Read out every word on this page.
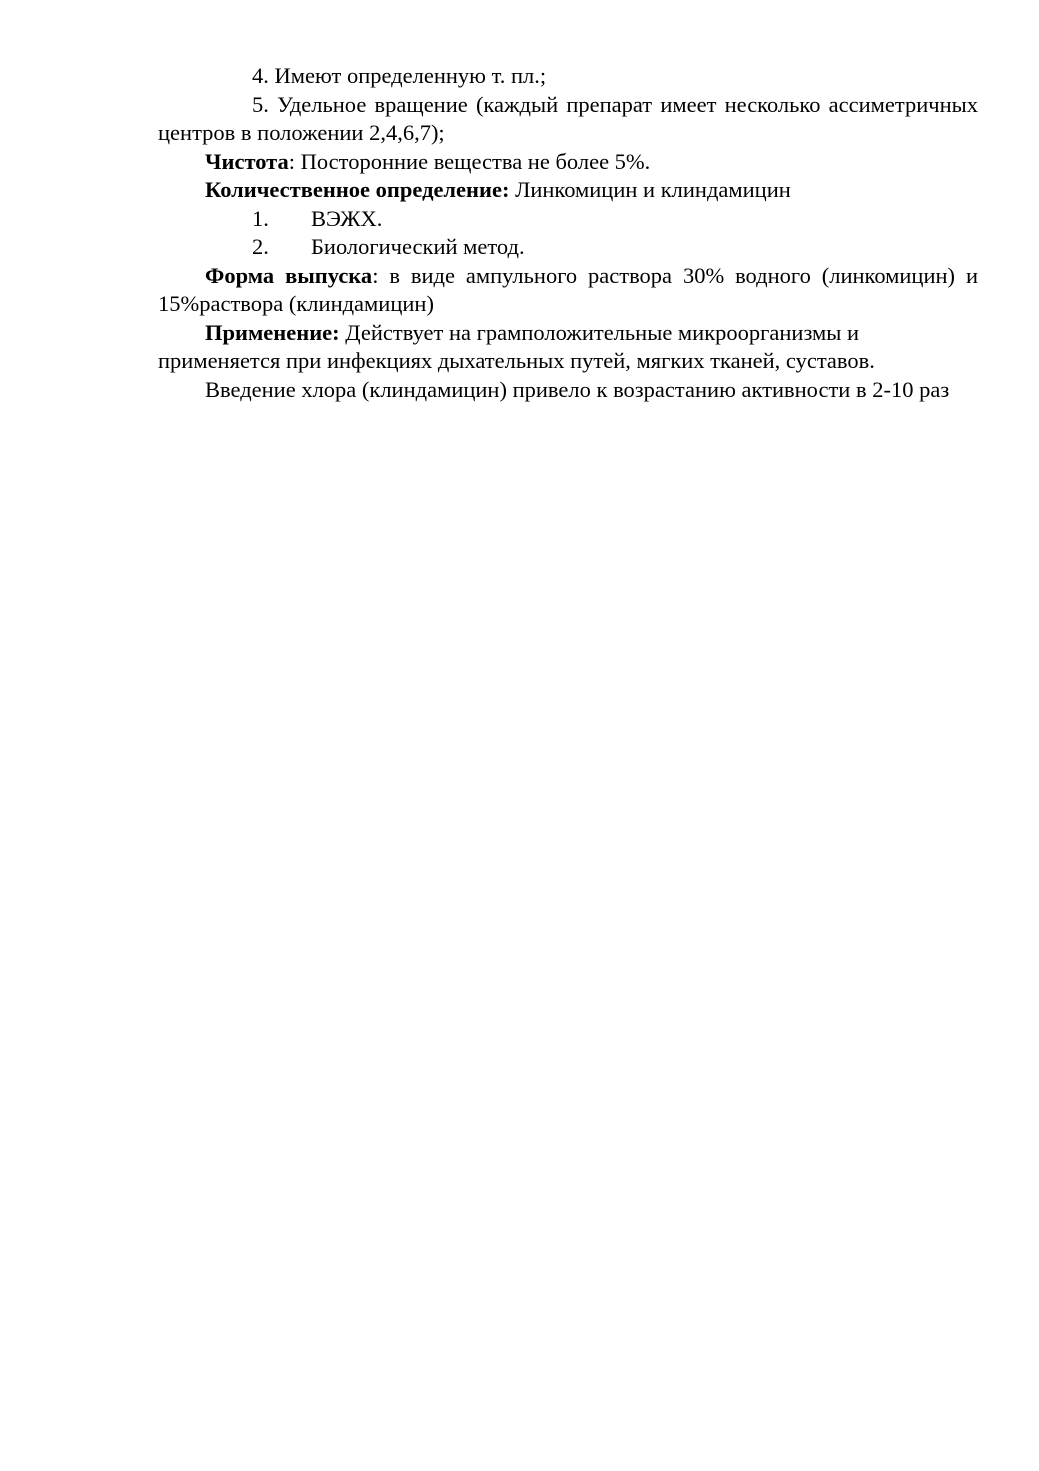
4. Имеют определенную т. пл.;

5. Удельное вращение (каждый препарат имеет несколько ассиметричных центров в положении 2,4,6,7);

Чистота: Посторонние вещества не более 5%.

Количественное определение: Линкомицин и клиндамицин

1.	ВЭЖХ.

2.	Биологический метод.

Форма выпуска: в виде ампульного раствора 30% водного (линкомицин) и 15%раствора (клиндамицин)

Применение: Действует на грамположительные микроорганизмы и применяется при инфекциях дыхательных путей, мягких тканей, суставов.

Введение хлора (клиндамицин) привело к возрастанию активности в 2-10 раз
